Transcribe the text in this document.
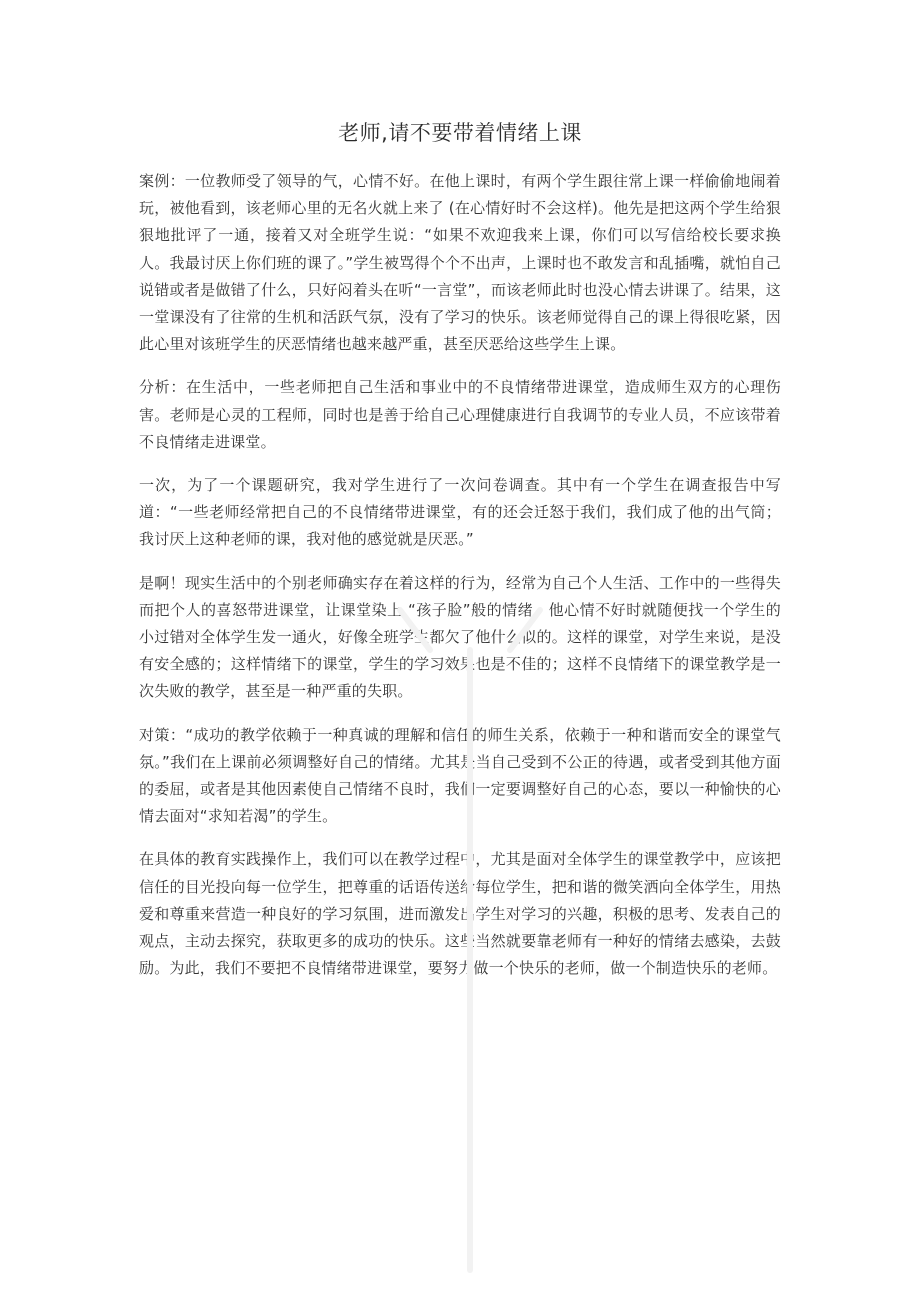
老师,请不要带着情绪上课

案例：一位教师受了领导的气，心情不好。在他上课时，有两个学生跟往常上课一样偷偷地闹着玩，被他看到，该老师心里的无名火就上来了 (在心情好时不会这样)。他先是把这两个学生给狠狠地批评了一通，接着又对全班学生说：“如果不欢迎我来上课，你们可以写信给校长要求换人。我最讨厌上你们班的课了。”学生被骂得个个不出声，上课时也不敢发言和乱插嘴，就怕自己说错或者是做错了什么，只好闷着头在听“一言堂”，而该老师此时也没心情去讲课了。结果，这一堂课没有了往常的生机和活跃气氛，没有了学习的快乐。该老师觉得自己的课上得很吃紧，因此心里对该班学生的厌恶情绪也越来越严重，甚至厌恶给这些学生上课。

分析：在生活中，一些老师把自己生活和事业中的不良情绪带进课堂，造成师生双方的心理伤害。老师是心灵的工程师，同时也是善于给自己心理健康进行自我调节的专业人员，不应该带着不良情绪走进课堂。

一次，为了一个课题研究，我对学生进行了一次问卷调查。其中有一个学生在调查报告中写道：“一些老师经常把自己的不良情绪带进课堂，有的还会迁怒于我们，我们成了他的出气筒；我讨厌上这种老师的课，我对他的感觉就是厌恶。”

是啊！现实生活中的个别老师确实存在着这样的行为，经常为自己个人生活、工作中的一些得失而把个人的喜怒带进课堂，让课堂染上 “孩子脸”般的情绪。他心情不好时就随便找一个学生的小过错对全体学生发一通火，好像全班学生都欠了他什么似的。这样的课堂，对学生来说，是没有安全感的；这样情绪下的课堂，学生的学习效果也是不佳的；这样不良情绪下的课堂教学是一次失败的教学，甚至是一种严重的失职。

对策：“成功的教学依赖于一种真诚的理解和信任的师生关系，依赖于一种和谐而安全的课堂气氛。”我们在上课前必须调整好自己的情绪。尤其是当自己受到不公正的待遇，或者受到其他方面的委屈，或者是其他因素使自己情绪不良时，我们一定要调整好自己的心态，要以一种愉快的心情去面对“求知若渴”的学生。

在具体的教育实践操作上，我们可以在教学过程中，尤其是面对全体学生的课堂教学中，应该把信任的目光投向每一位学生，把尊重的话语传送给每位学生，把和谐的微笑洒向全体学生，用热爱和尊重来营造一种良好的学习氛围，进而激发出学生对学习的兴趣，积极的思考、发表自己的观点，主动去探究，获取更多的成功的快乐。这些当然就要靠老师有一种好的情绪去感染，去鼓励。为此，我们不要把不良情绪带进课堂，要努力做一个快乐的老师，做一个制造快乐的老师。
